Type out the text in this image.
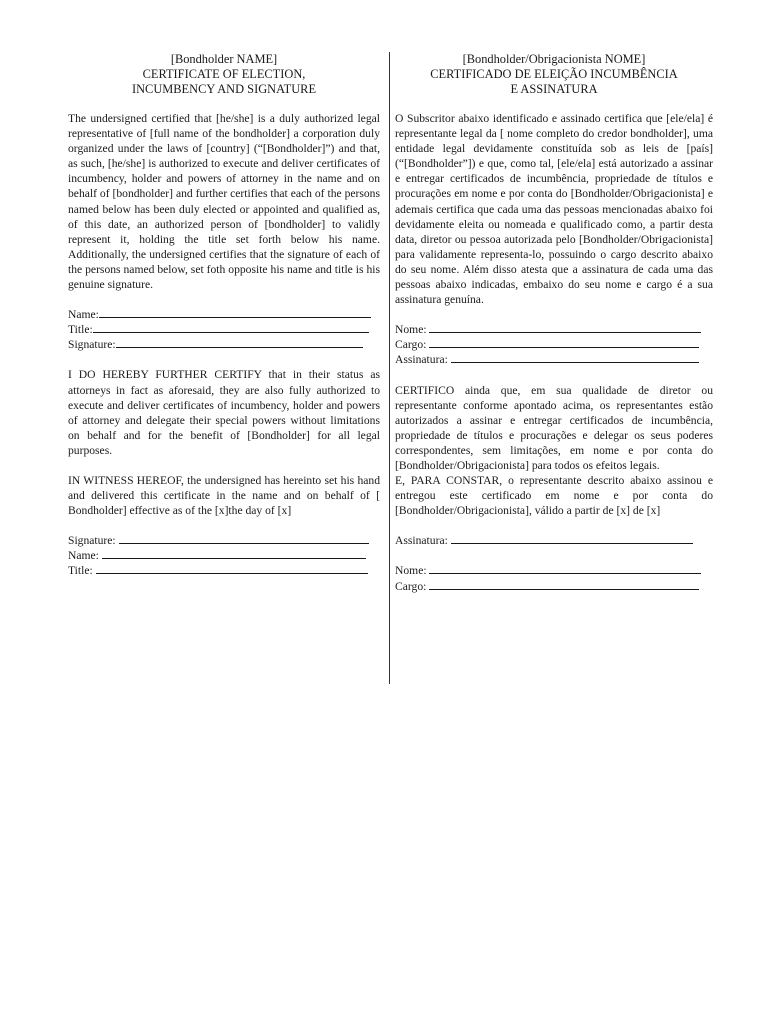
[Bondholder NAME]
CERTIFICATE OF ELECTION,
INCUMBENCY AND SIGNATURE

The undersigned certified that [he/she] is a duly authorized legal representative of [full name of the bondholder] a corporation duly organized under the laws of [country] (“[Bondholder]”) and that, as such, [he/she] is authorized to execute and deliver certificates of incumbency, holder and powers of attorney in the name and on behalf of [bondholder] and further certifies that each of the persons named below has been duly elected or appointed and qualified as, of this date, an authorized person of [bondholder] to validly represent it, holding the title set forth below his name. Additionally, the undersigned certifies that the signature of each of the persons named below, set foth opposite his name and title is his genuine signature.

Name:
Title:
Signature:

I DO HEREBY FURTHER CERTIFY that in their status as attorneys in fact as aforesaid, they are also fully authorized to execute and deliver certificates of incumbency, holder and powers of attorney and delegate their special powers without limitations on behalf and for the benefit of [Bondholder] for all legal purposes.

IN WITNESS HEREOF, the undersigned has hereinto set his hand and delivered this certificate in the name and on behalf of [ Bondholder] effective as of the [x]the day of [x]

Signature:
Name:
Title:
[Bondholder/Obrigacionista NOME]
CERTIFICADO DE ELEIÇÃO INCUMBÊNCIA
E ASSINATURA

O Subscritor abaixo identificado e assinado certifica que [ele/ela] é representante legal da [ nome completo do credor bondholder], uma entidade legal devidamente constituída sob as leis de [país] (“[Bondholder”]) e que, como tal, [ele/ela] está autorizado a assinar e entregar certificados de incumbência, propriedade de títulos e procurações em nome e por conta do [Bondholder/Obrigacionista] e ademais certifica que cada uma das pessoas mencionadas abaixo foi devidamente eleita ou nomeada e qualificado como, a partir desta data, diretor ou pessoa autorizada pelo [Bondholder/Obrigacionista] para validamente representa-lo, possuindo o cargo descrito abaixo do seu nome. Além disso atesta que a assinatura de cada uma das pessoas abaixo indicadas, embaixo do seu nome e cargo é a sua assinatura genuína.

Nome:
Cargo:
Assinatura:

CERTIFICO ainda que, em sua qualidade de diretor ou representante conforme apontado acima, os representantes estão autorizados a assinar e entregar certificados de incumbência, propriedade de títulos e procurações e delegar os seus poderes correspondentes, sem limitações, em nome e por conta do [Bondholder/Obrigacionista] para todos os efeitos legais.

E, PARA CONSTAR, o representante descrito abaixo assinou e entregou este certificado em nome e por conta do [Bondholder/Obrigacionista], válido a partir de [x] de [x]

Assinatura:
Nome:
Cargo:
